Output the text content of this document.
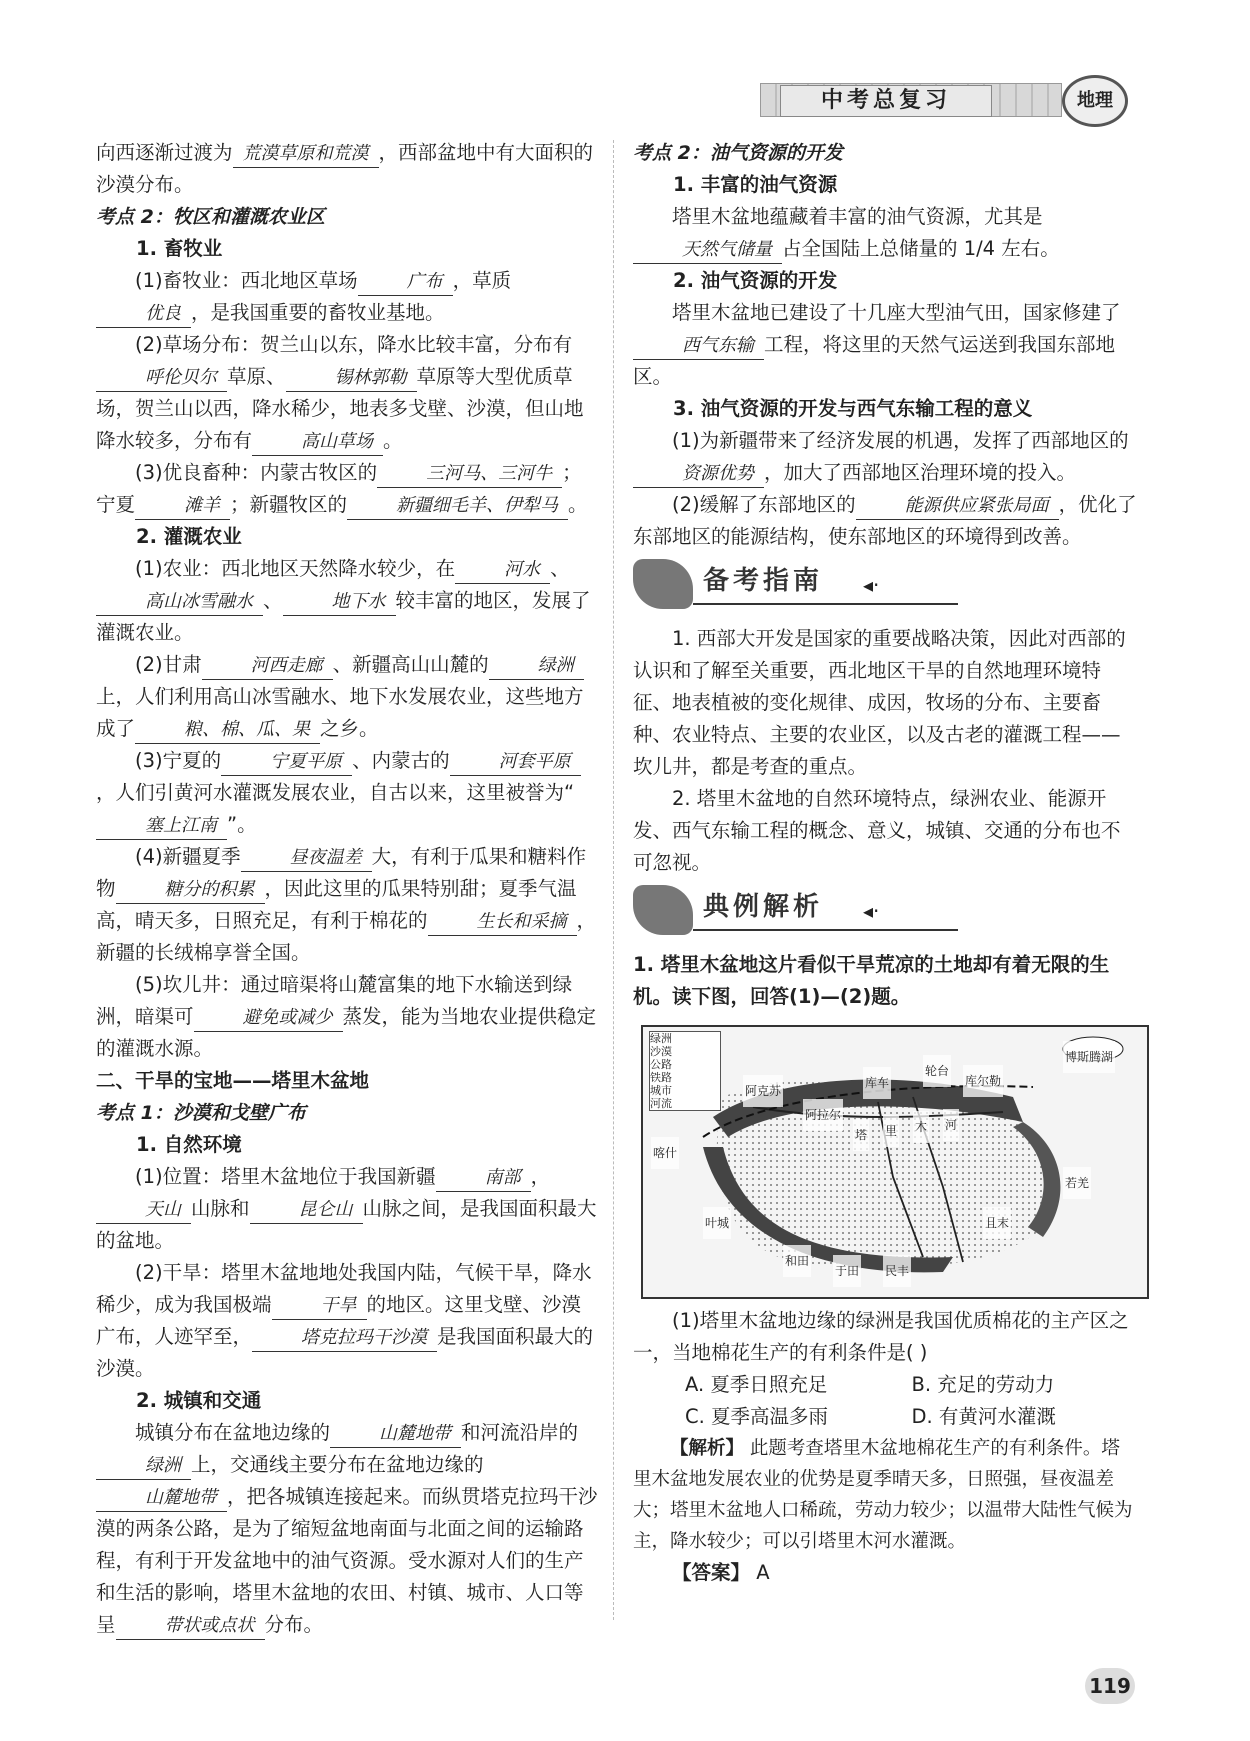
中考总复习	地理

向西逐渐过渡为 荒漠草原和荒漠 ，西部盆地中有大面积的沙漠分布。

考点 2：牧区和灌溉农业区

1. 畜牧业

(1)畜牧业：西北地区草场	广布 ，草质优良 ，是我国重要的畜牧业基地。

(2)草场分布：贺兰山以东，降水比较丰富，分布有呼伦贝尔 草原、	锡林郭勒 草原等大型优质草场，贺兰山以西，降水稀少，地表多戈壁、沙漠，但山地降水较多，分布有	高山草场 。

(3)优良畜种：内蒙古牧区的	三河马、三河牛 ；宁夏	滩羊 ；新疆牧区的	新疆细毛羊、伊犁马 。

2. 灌溉农业

(1)农业：西北地区天然降水较少，在	河水 、高山冰雪融水 、	地下水 较丰富的地区，发展了灌溉农业。

(2)甘肃	河西走廊 、新疆高山山麓的	绿洲上，人们利用高山冰雪融水、地下水发展农业，这些地方成了	粮、棉、瓜、果 之乡。

(3)宁夏的	宁夏平原 、内蒙古的	河套平原，人们引黄河水灌溉发展农业，自古以来，这里被誉为“塞上江南 ”。

(4)新疆夏季	昼夜温差 大，有利于瓜果和糖料作物	糖分的积累 ，因此这里的瓜果特别甜；夏季气温高，晴天多，日照充足，有利于棉花的	生长和采摘 ，新疆的长绒棉享誉全国。

(5)坎儿井：通过暗渠将山麓富集的地下水输送到绿洲，暗渠可	避免或减少 蒸发，能为当地农业提供稳定的灌溉水源。

二、干旱的宝地——塔里木盆地

考点 1：沙漠和戈壁广布

1. 自然环境

(1)位置：塔里木盆地位于我国新疆	南部 ，天山 山脉和	昆仑山 山脉之间，是我国面积最大的盆地。

(2)干旱：塔里木盆地地处我国内陆，气候干旱，降水稀少，成为我国极端	干旱 的地区。这里戈壁、沙漠广布，人迹罕至，	塔克拉玛干沙漠 是我国面积最大的沙漠。

2. 城镇和交通

城镇分布在盆地边缘的	山麓地带 和河流沿岸的绿洲 上，交通线主要分布在盆地边缘的山麓地带 ，把各城镇连接起来。而纵贯塔克拉玛干沙漠的两条公路，是为了缩短盆地南面与北面之间的运输路程，有利于开发盆地中的油气资源。受水源对人们的生产和生活的影响，塔里木盆地的农田、村镇、城市、人口等呈	带状或点状 分布。

考点 2：油气资源的开发

1. 丰富的油气资源

塔里木盆地蕴藏着丰富的油气资源，尤其是天然气储量 占全国陆上总储量的 1/4 左右。

2. 油气资源的开发

塔里木盆地已建设了十几座大型油气田，国家修建了西气东输 工程，将这里的天然气运送到我国东部地区。

3. 油气资源的开发与西气东输工程的意义

(1)为新疆带来了经济发展的机遇，发挥了西部地区的资源优势 ，加大了西部地区治理环境的投入。

(2)缓解了东部地区的	能源供应紧张局面 ，优化了东部地区的能源结构，使东部地区的环境得到改善。

备考指南 ◂·

1. 西部大开发是国家的重要战略决策，因此对西部的认识和了解至关重要，西北地区干旱的自然地理环境特征、地表植被的变化规律、成因，牧场的分布、主要畜种、农业特点、主要的农业区，以及古老的灌溉工程——坎儿井，都是考查的重点。

2. 塔里木盆地的自然环境特点，绿洲农业、能源开发、西气东输工程的概念、意义，城镇、交通的分布也不可忽视。

典例解析 ◂·

1. 塔里木盆地这片看似干旱荒凉的土地却有着无限的生机。读下图，回答(1)—(2)题。

绿洲
沙漠
公路
铁路
城市
河流
博斯腾湖
阿克苏
库车
轮台
库尔勒
阿拉尔
塔 里 木 河
喀什
若羌
叶城	且末
和田
于田 民丰

(1)塔里木盆地边缘的绿洲是我国优质棉花的主产区之一，当地棉花生产的有利条件是( )

A. 夏季日照充足	B. 充足的劳动力
C. 夏季高温多雨	D. 有黄河水灌溉

【解析】 此题考查塔里木盆地棉花生产的有利条件。塔里木盆地发展农业的优势是夏季晴天多，日照强，昼夜温差大；塔里木盆地人口稀疏，劳动力较少；以温带大陆性气候为主，降水较少；可以引塔里木河水灌溉。

【答案】 A

119
